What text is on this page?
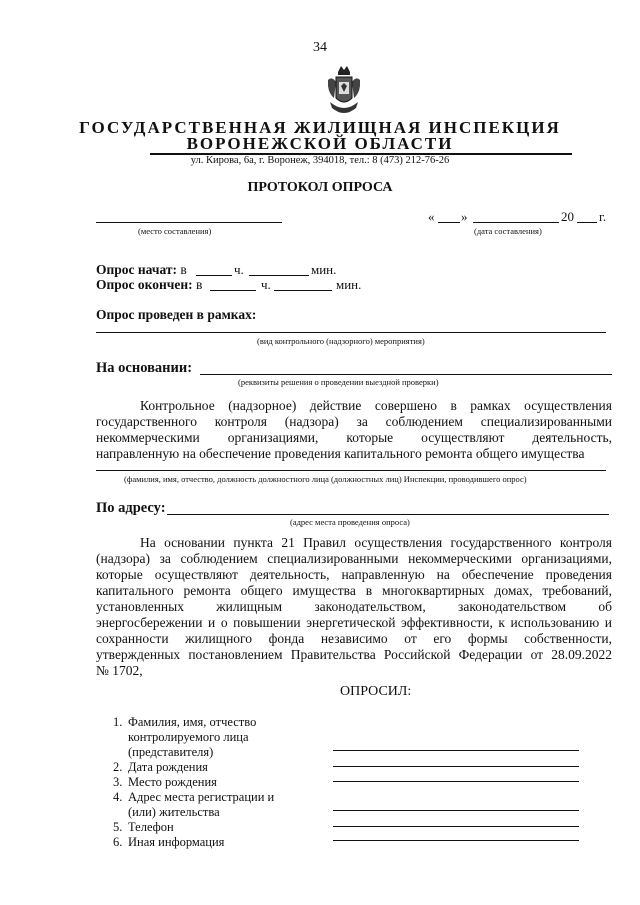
34
ГОСУДАРСТВЕННАЯ ЖИЛИЩНАЯ ИНСПЕКЦИЯ
ВОРОНЕЖСКОЙ ОБЛАСТИ
ул. Кирова, 6а, г. Воронеж, 394018, тел.: 8 (473) 212-76-26
ПРОТОКОЛ ОПРОСА
(место составления)
« »	20 г.
(дата составления)
Опрос начат: в	ч.	мин.
Опрос окончен: в	ч.	мин.
Опрос проведен в рамках:
(вид контрольного (надзорного) мероприятия)
На основании:
(реквизиты решения о проведении выездной проверки)
Контрольное (надзорное) действие совершено в рамках осуществления
государственного контроля (надзора) за соблюдением специализированными
некоммерческими организациями, которые осуществляют деятельность,
направленную на обеспечение проведения капитального ремонта общего имущества
(фамилия, имя, отчество, должность должностного лица (должностных лиц) Инспекции, проводившего опрос)
По адресу:
(адрес места проведения опроса)
На основании пункта 21 Правил осуществления государственного контроля
(надзора) за соблюдением специализированными некоммерческими организациями,
которые осуществляют деятельность, направленную на обеспечение проведения
капитального ремонта общего имущества в многоквартирных домах, требований,
установленных жилищным законодательством, законодательством об
энергосбережении и о повышении энергетической эффективности, к использованию и
сохранности жилищного фонда независимо от его формы собственности,
утвержденных постановлением Правительства Российской Федерации от 28.09.2022
№ 1702,
ОПРОСИЛ:
1. Фамилия, имя, отчество
контролируемого лица
(представителя)
2. Дата рождения
3. Место рождения
4. Адрес места регистрации и
(или) жительства
5. Телефон
6. Иная информация
